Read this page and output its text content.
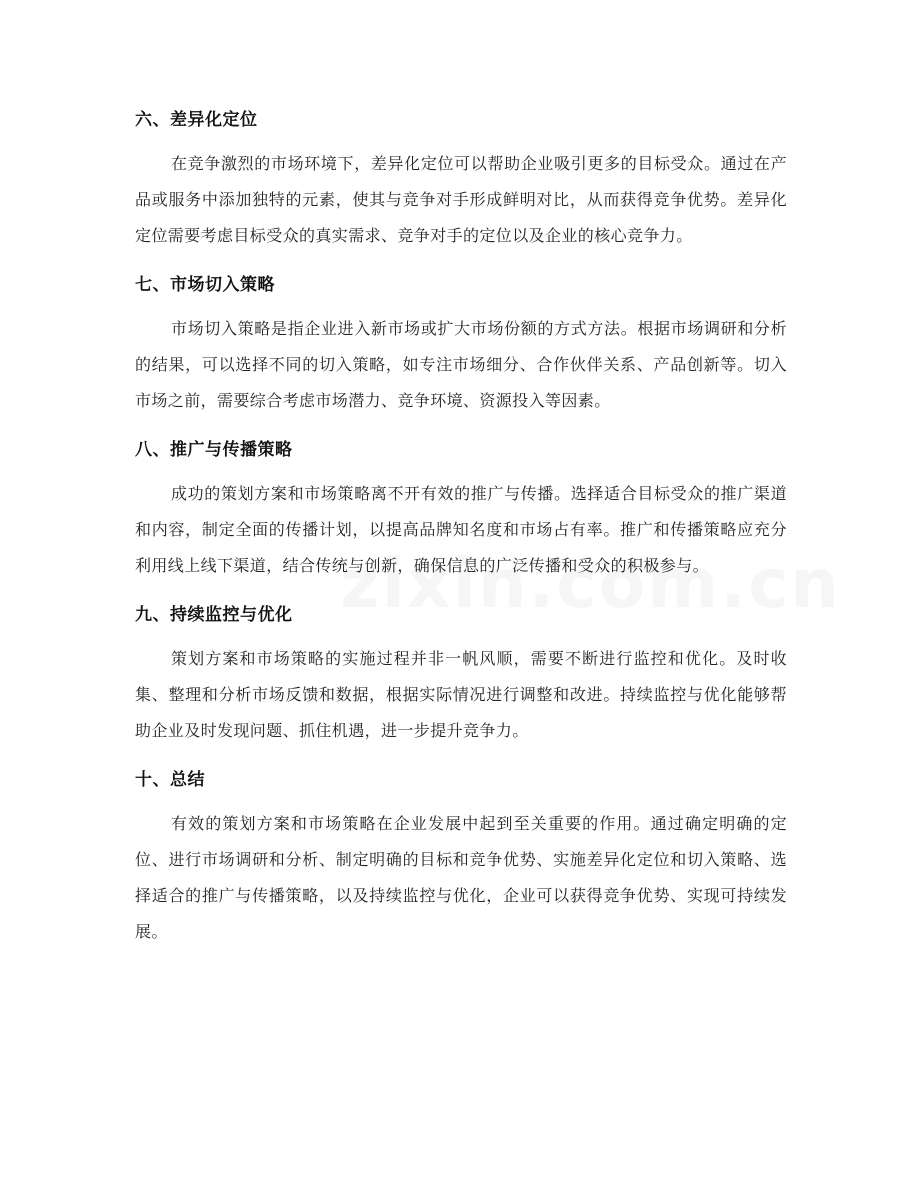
六、差异化定位

在竞争激烈的市场环境下，差异化定位可以帮助企业吸引更多的目标受众。通过在产品或服务中添加独特的元素，使其与竞争对手形成鲜明对比，从而获得竞争优势。差异化定位需要考虑目标受众的真实需求、竞争对手的定位以及企业的核心竞争力。

七、市场切入策略

市场切入策略是指企业进入新市场或扩大市场份额的方式方法。根据市场调研和分析的结果，可以选择不同的切入策略，如专注市场细分、合作伙伴关系、产品创新等。切入市场之前，需要综合考虑市场潜力、竞争环境、资源投入等因素。

八、推广与传播策略

成功的策划方案和市场策略离不开有效的推广与传播。选择适合目标受众的推广渠道和内容，制定全面的传播计划，以提高品牌知名度和市场占有率。推广和传播策略应充分利用线上线下渠道，结合传统与创新，确保信息的广泛传播和受众的积极参与。

九、持续监控与优化

策划方案和市场策略的实施过程并非一帆风顺，需要不断进行监控和优化。及时收集、整理和分析市场反馈和数据，根据实际情况进行调整和改进。持续监控与优化能够帮助企业及时发现问题、抓住机遇，进一步提升竞争力。

十、总结

有效的策划方案和市场策略在企业发展中起到至关重要的作用。通过确定明确的定位、进行市场调研和分析、制定明确的目标和竞争优势、实施差异化定位和切入策略、选择适合的推广与传播策略，以及持续监控与优化，企业可以获得竞争优势、实现可持续发展。
